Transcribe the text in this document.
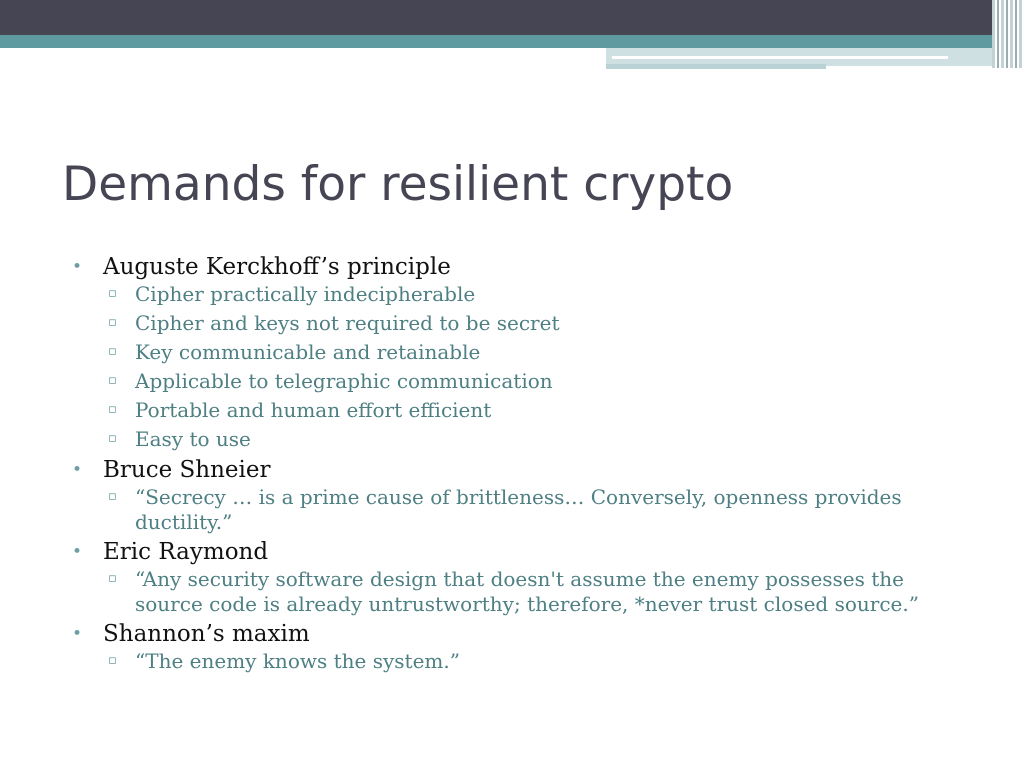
Demands for resilient crypto
• Auguste Kerckhoff’s principle
▫ Cipher practically indecipherable
▫ Cipher and keys not required to be secret
▫ Key communicable and retainable
▫ Applicable to telegraphic communication
▫ Portable and human effort efficient
▫ Easy to use
• Bruce Shneier
▫ “Secrecy … is a prime cause of brittleness… Conversely, openness provides ductility.”
• Eric Raymond
▫ “Any security software design that doesn't assume the enemy possesses the source code is already untrustworthy; therefore, *never trust closed source.”
• Shannon’s maxim
▫ “The enemy knows the system.”
